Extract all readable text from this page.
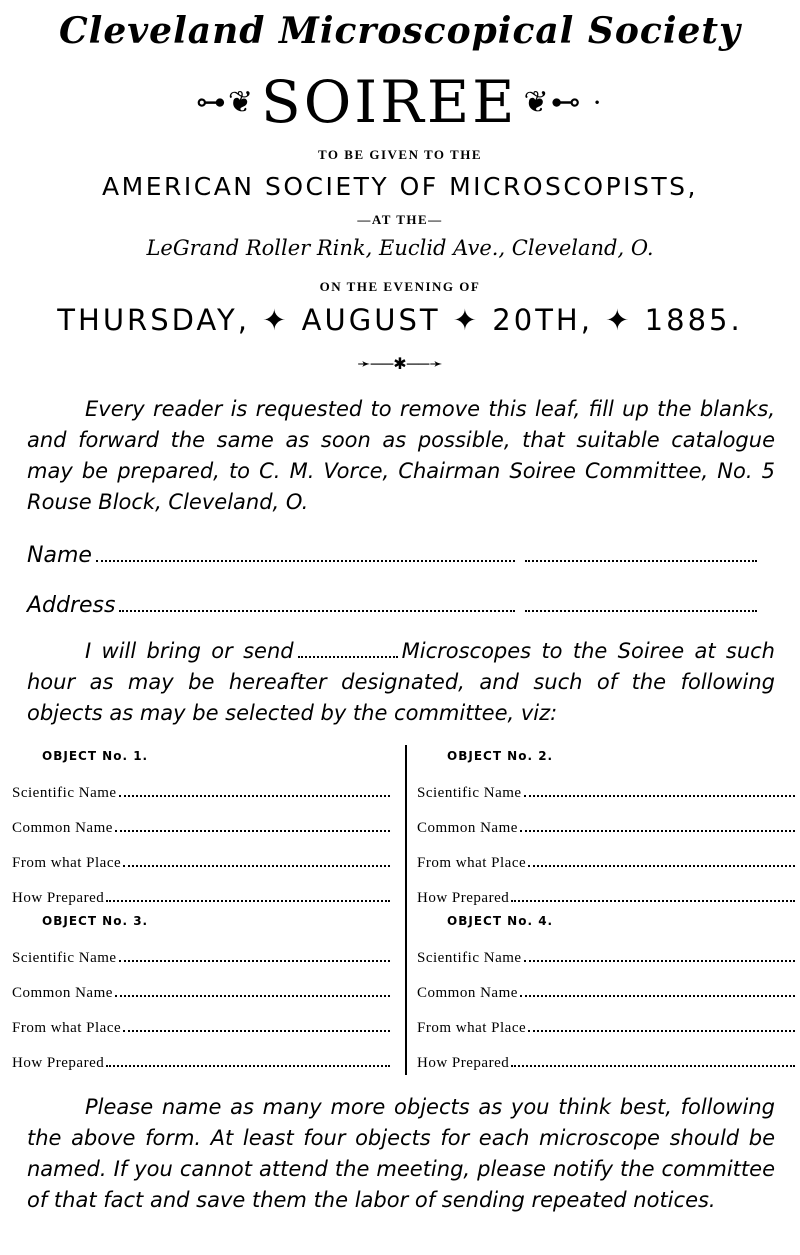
Cleveland Microscopical Society
⊶❦ SOIREE ❦⊷ ·
TO BE GIVEN TO THE
AMERICAN SOCIETY OF MICROSCOPISTS,
—AT THE—
LeGrand Roller Rink, Euclid Ave., Cleveland, O.
ON THE EVENING OF
THURSDAY, ✦ AUGUST ✦ 20TH, ✦ 1885.
➛──✱──➛
Every reader is requested to remove this leaf, fill up the blanks, and forward the same as soon as possible, that suitable catalogue may be prepared, to C. M. Vorce, Chairman Soiree Committee, No. 5 Rouse Block, Cleveland, O.
Name
Address
I will bring or send	Microscopes to the Soiree at such hour as may be hereafter designated, and such of the following objects as may be selected by the committee, viz:
OBJECT No. 1.
Scientific Name
Common Name
From what Place
How Prepared
OBJECT No. 3.
Scientific Name
Common Name
From what Place
How Prepared
OBJECT No. 2.
Scientific Name
Common Name
From what Place
How Prepared
OBJECT No. 4.
Scientific Name
Common Name
From what Place
How Prepared
Please name as many more objects as you think best, following the above form. At least four objects for each microscope should be named. If you cannot attend the meeting, please notify the committee of that fact and save them the labor of sending repeated notices.
